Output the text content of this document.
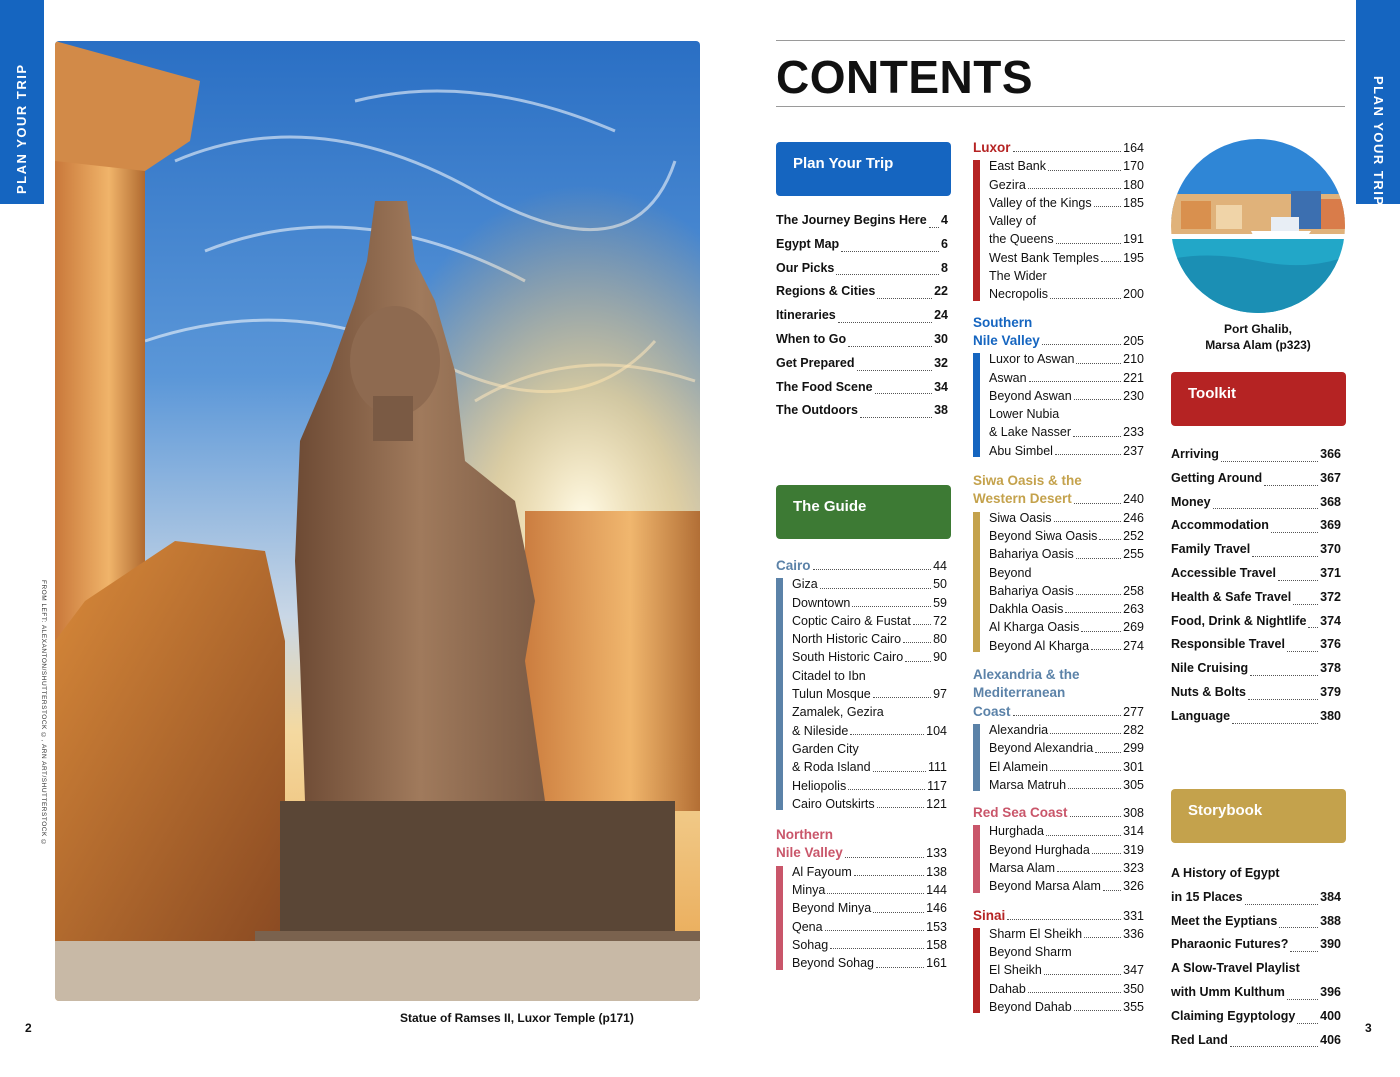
PLAN YOUR TRIP	PLAN YOUR TRIP
FROM LEFT: ALEXANTON/SHUTTERSTOCK ©, ARN ART/SHUTTERSTOCK ©
Statue of Ramses II, Luxor Temple (p171)
2	3
CONTENTS
Plan Your Trip
The Guide
Toolkit
Storybook
The Journey Begins Here 4
Egypt Map	6
Our Picks	8
Regions & Cities	22
Itineraries	24
When to Go	30
Get Prepared	32
The Food Scene	34
The Outdoors	38
Cairo	44
Giza	50
Downtown	59
Coptic Cairo & Fustat 72
North Historic Cairo	80
South Historic Cairo 90
Citadel to Ibn
Tulun Mosque	97
Zamalek, Gezira
& Nileside	104
Garden City
& Roda Island	111
Heliopolis	117
Cairo Outskirts	121
Northern
Nile Valley	133
Al Fayoum	138
Minya	144
Beyond Minya	146
Qena	153
Sohag	158
Beyond Sohag	161
Luxor	164
East Bank	170
Gezira	180
Valley of the Kings	185
Valley of
the Queens	191
West Bank Temples 195
The Wider
Necropolis	200
Southern
Nile Valley	205
Luxor to Aswan	210
Aswan	221
Beyond Aswan	230
Lower Nubia
& Lake Nasser	233
Abu Simbel	237
Siwa Oasis & the
Western Desert	240
Siwa Oasis	246
Beyond Siwa Oasis 252
Bahariya Oasis	255
Beyond
Bahariya Oasis	258
Dakhla Oasis	263
Al Kharga Oasis	269
Beyond Al Kharga	274
Alexandria & the
Mediterranean
Coast	277
Alexandria	282
Beyond Alexandria 299
El Alamein	301
Marsa Matruh	305
Red Sea Coast	308
Hurghada	314
Beyond Hurghada	319
Marsa Alam	323
Beyond Marsa Alam 326
Sinai	331
Sharm El Sheikh	336
Beyond Sharm
El Sheikh	347
Dahab	350
Beyond Dahab	355
Arriving	366
Getting Around	367
Money	368
Accommodation	369
Family Travel	370
Accessible Travel	371
Health & Safe Travel 372
Food, Drink & Nightlife 374
Responsible Travel	376
Nile Cruising	378
Nuts & Bolts	379
Language	380
A History of Egypt
in 15 Places	384
Meet the Eyptians	388
Pharaonic Futures?	390
A Slow-Travel Playlist
with Umm Kulthum	396
Claiming Egyptology 400
Red Land	406
Port Ghalib,
Marsa Alam (p323)
